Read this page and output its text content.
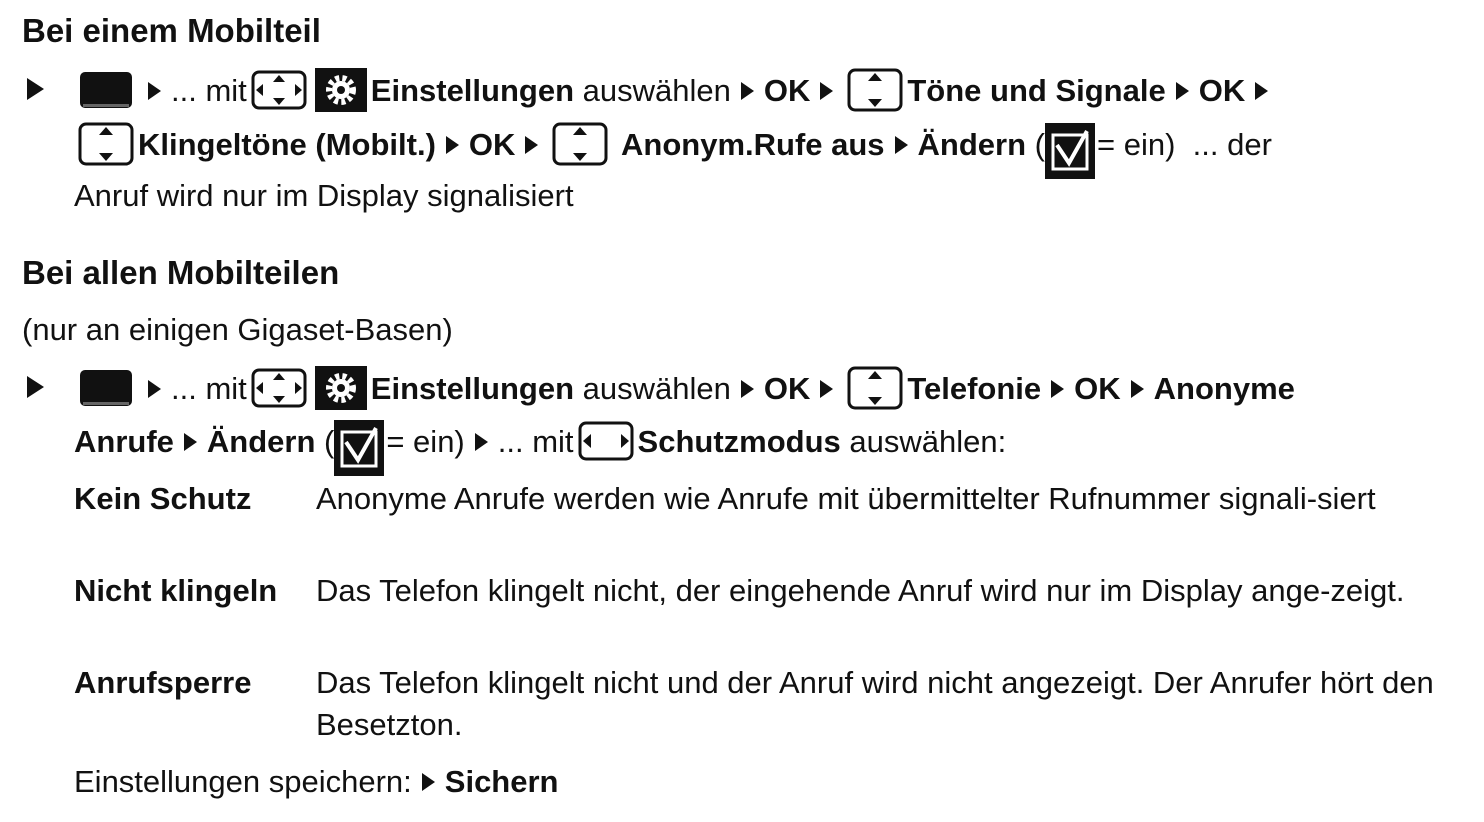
Bei einem Mobilteil
... mit	Einstellungen auswählen OK	Töne und Signale OK
Klingeltöne (Mobilt.) OK	Anonym.Rufe aus Ändern ( = ein) ... der
Anruf wird nur im Display signalisiert
Bei allen Mobilteilen
(nur an einigen Gigaset-Basen)
... mit	Einstellungen auswählen OK	Telefonie OK Anonyme
Anrufe Ändern ( = ein) ... mit Schutzmodus auswählen:
Kein Schutz Anonyme Anrufe werden wie Anrufe mit übermittelter Rufnummer signali-siert
Nicht klingeln Das Telefon klingelt nicht, der eingehende Anruf wird nur im Display ange-zeigt.
Anrufsperre Das Telefon klingelt nicht und der Anruf wird nicht angezeigt. Der Anrufer hört den Besetzton.
Einstellungen speichern: Sichern
